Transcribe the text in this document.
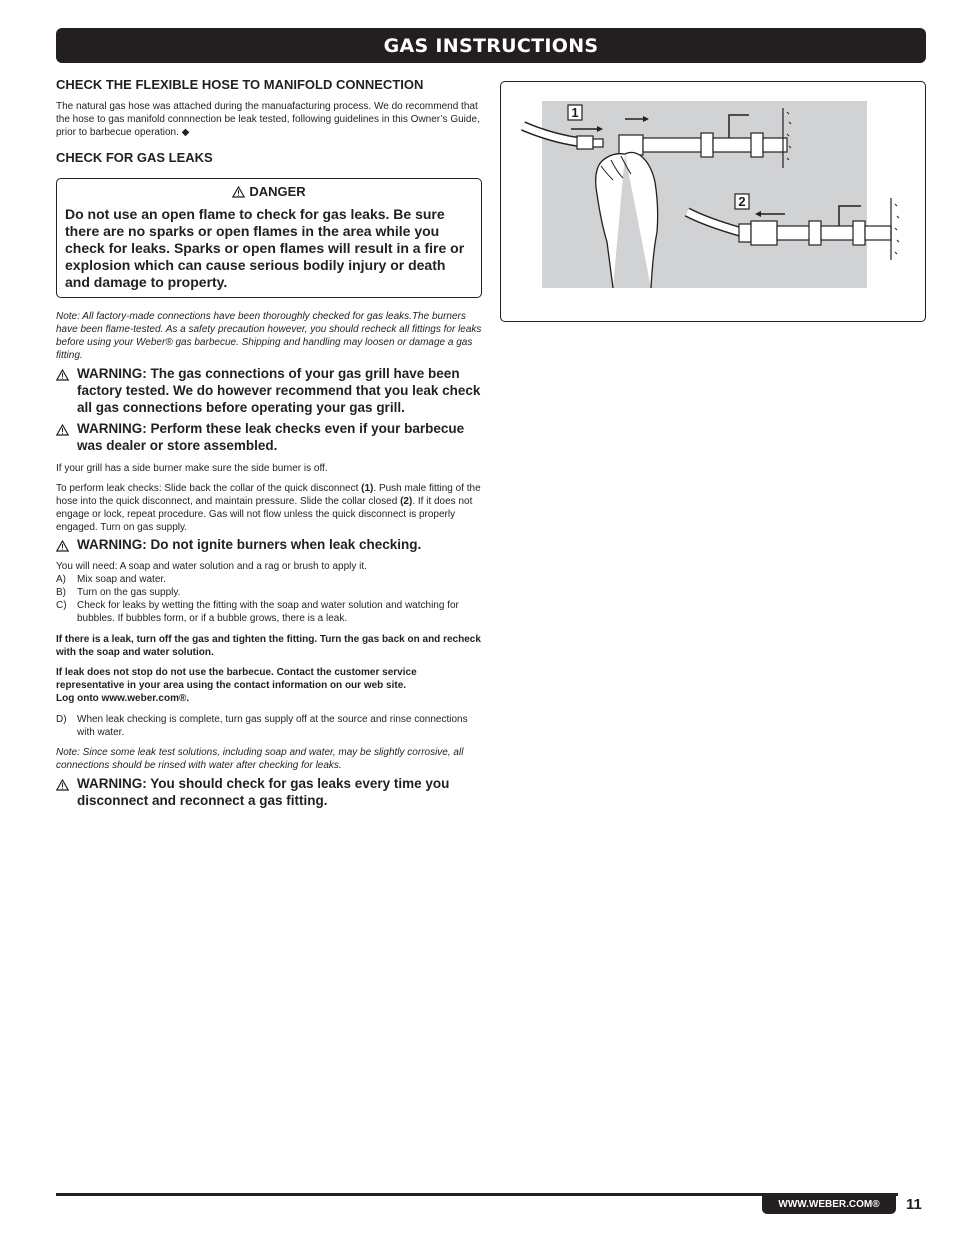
GAS INSTRUCTIONS
CHECK THE FLEXIBLE HOSE TO MANIFOLD CONNECTION

The natural gas hose was attached during the manuafacturing process. We do recommend that the hose to gas manifold connnection be leak tested, following guidelines in this Owner’s Guide, prior to barbecue operation. ◆

CHECK FOR GAS LEAKS
DANGER
Do not use an open flame to check for gas leaks. Be sure there are no sparks or open flames in the area while you check for leaks. Sparks or open flames will result in a fire or explosion which can cause serious bodily injury or death and damage to property.

Note: All factory-made connections have been thoroughly checked for gas leaks.The burners have been flame-tested. As a safety precaution however, you should recheck all fittings for leaks before using your Weber® gas barbecue. Shipping and handling may loosen or damage a gas fitting.

WARNING: The gas connections of your gas grill have been factory tested. We do however recommend that you leak check all gas connections before operating your gas grill.
WARNING: Perform these leak checks even if your barbecue was dealer or store assembled.

If your grill has a side burner make sure the side burner is off.

To perform leak checks: Slide back the collar of the quick disconnect (1). Push male fitting of the hose into the quick disconnect, and maintain pressure. Slide the collar closed (2). If it does not engage or lock, repeat procedure. Gas will not flow unless the quick disconnect is properly engaged. Turn on gas supply.

WARNING: Do not ignite burners when leak checking.

You will need: A soap and water solution and a rag or brush to apply it.

A)	Mix soap and water.
B)	Turn on the gas supply.
C)	Check for leaks by wetting the fitting with the soap and water solution and watching for bubbles. If bubbles form, or if a bubble grows, there is a leak.

If there is a leak, turn off the gas and tighten the fitting. Turn the gas back on and recheck with the soap and water solution.

If leak does not stop do not use the barbecue. Contact the customer service representative in your area using the contact information on our web site.
Log onto www.weber.com®.

D)	When leak checking is complete, turn gas supply off at the source and rinse connections with water.

Note: Since some leak test solutions, including soap and water, may be slightly corrosive, all connections should be rinsed with water after checking for leaks.

WARNING: You should check for gas leaks every time you disconnect and reconnect a gas fitting.
1
2
WWW.WEBER.COM®	11
